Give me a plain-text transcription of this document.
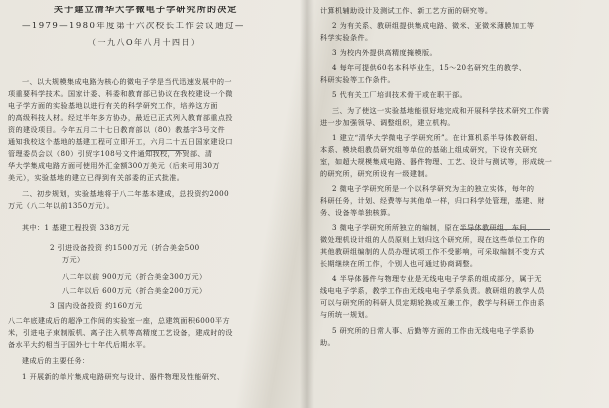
关于建立清华大学微电子学研究所的决定
—1979—1980年度第十六次校长工作会议通过—
（一九八O年八月十四日）
一、以大规模集成电路为核心的微电子学是当代迅速发展中的一
项重要科学技术。国家计委、科委和教育部已协议在我校建设一个微
电子学方面的实验基地以进行有关的科学研究工作，培养这方面
的高级科技人材。经过半年多方协办，最近已正式列入教育部重点投
资的建设项目。今年五月二十七日教育部以（80）教基字3号文件
通知我校这个基地的基建工程可立即开工，六月二十五日国家建设口
管理委员会以（80）引贸字108号文件通知我校，外贸部、清
华大学集成电路方面可使用外汇金额300万美元（后来可用30万
美元），实验基地的建立已得到有关部委的正式批准。
二、初步规划，实验基地将于八二年基本建成，总投资约2000
万元（八二年以前1350万元）。
其中：1 基建工程投资 338万元
2 引进设备投资 约1500万元（折合美金500
万元）
八二年以前 900万元（折合美金300万元）
八二年以后 600万元（折合美金200万元）
3 国内设备投资 约160万元
八二年底建成后的超净工作间的实验室一座，总建筑面积6000平方
米，引进电子束制版机、离子注入机等高精度工艺设备，建成时的设
备水平大约相当于国外七十年代后期水平。
建成后的主要任务：
1 开展新的单片集成电路研究与设计、器件物理及性能研究、
计算机辅助设计及测试工作、新工艺方面的研究等。
2 为有关系、教研组提供集成电路、微米、亚微米薄膜加工等
科学实验条件。
3 为校内外提供高精度掩模版。
4 每年可提供60名本科毕业生，15～20名研究生的教学、
科研实验等工作条件。
5 代有关工厂培训技术骨干或在职干部。
三、为了使这一实验基地能很好地完成和开展科学技术研究工作需
进一步加强领导、调整组织，建立机构。
1 建立“清华大学微电子学研究所”。在计算机系半导体教研组、
本系、模块组教员研究组等单位的基础上组成研究，下设有关研究
室，如超大规模集成电路、器件物理、工艺、设计与测试等，形成统一
的研究所，研究所设有一级建制。
2 微电子学研究所是一个以科学研究为主的独立实体，每年的
科研任务，计划、经费等与其他单一样，归口科学处管理，基建、财
务、设备等单独核算。
3 微电子学研究所所独立的编制，原在半导体教研组、车间、
微处理机设计组的人员原则上划归这个研究所，现在这些单位工作的
其他教研组编制的人员办理试项工作不受影响，可采取编制不变方式
长期继续在所工作，个别人也可通过协商调整。
4 半导体器件与物理专业是无线电电子学系的组成部分，属于无
线电电子学系，教学工作由无线电电子学系负责。教研组的教学人员
可以与研究所的科研人员定期轮换或互兼工作，教学与科研工作由系
与所统一规划。
5 研究所的日常人事、后勤等方面的工作由无线电电子学系协
助。
